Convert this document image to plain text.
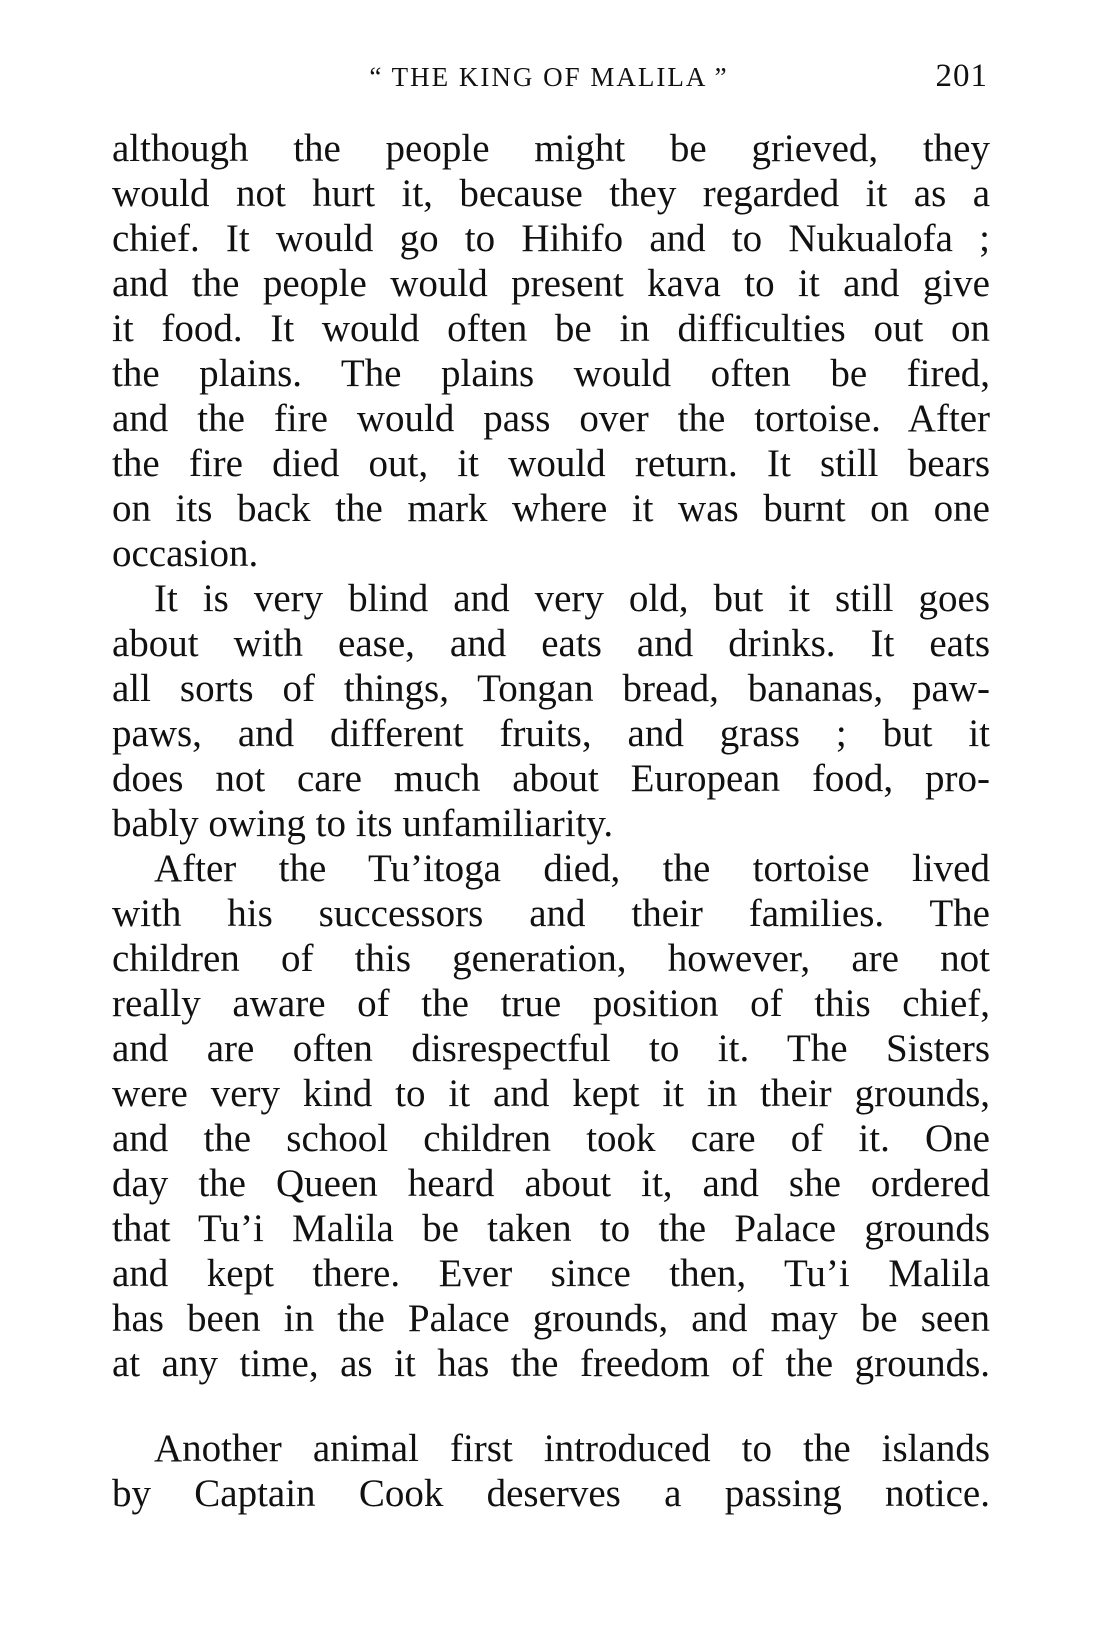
“ THE KING OF MALILA ”	201
although the people might be grieved, they
would not hurt it, because they regarded it as a
chief. It would go to Hihifo and to Nukualofa ;
and the people would present kava to it and give
it food. It would often be in difficulties out on
the plains. The plains would often be fired,
and the fire would pass over the tortoise. After
the fire died out, it would return. It still bears
on its back the mark where it was burnt on one
occasion.
It is very blind and very old, but it still goes
about with ease, and eats and drinks. It eats
all sorts of things, Tongan bread, bananas, paw-
paws, and different fruits, and grass ; but it
does not care much about European food, pro-
bably owing to its unfamiliarity.
After the Tu’itoga died, the tortoise lived
with his successors and their families. The
children of this generation, however, are not
really aware of the true position of this chief,
and are often disrespectful to it. The Sisters
were very kind to it and kept it in their grounds,
and the school children took care of it. One
day the Queen heard about it, and she ordered
that Tu’i Malila be taken to the Palace grounds
and kept there. Ever since then, Tu’i Malila
has been in the Palace grounds, and may be seen
at any time, as it has the freedom of the grounds.
Another animal first introduced to the islands
by Captain Cook deserves a passing notice.
